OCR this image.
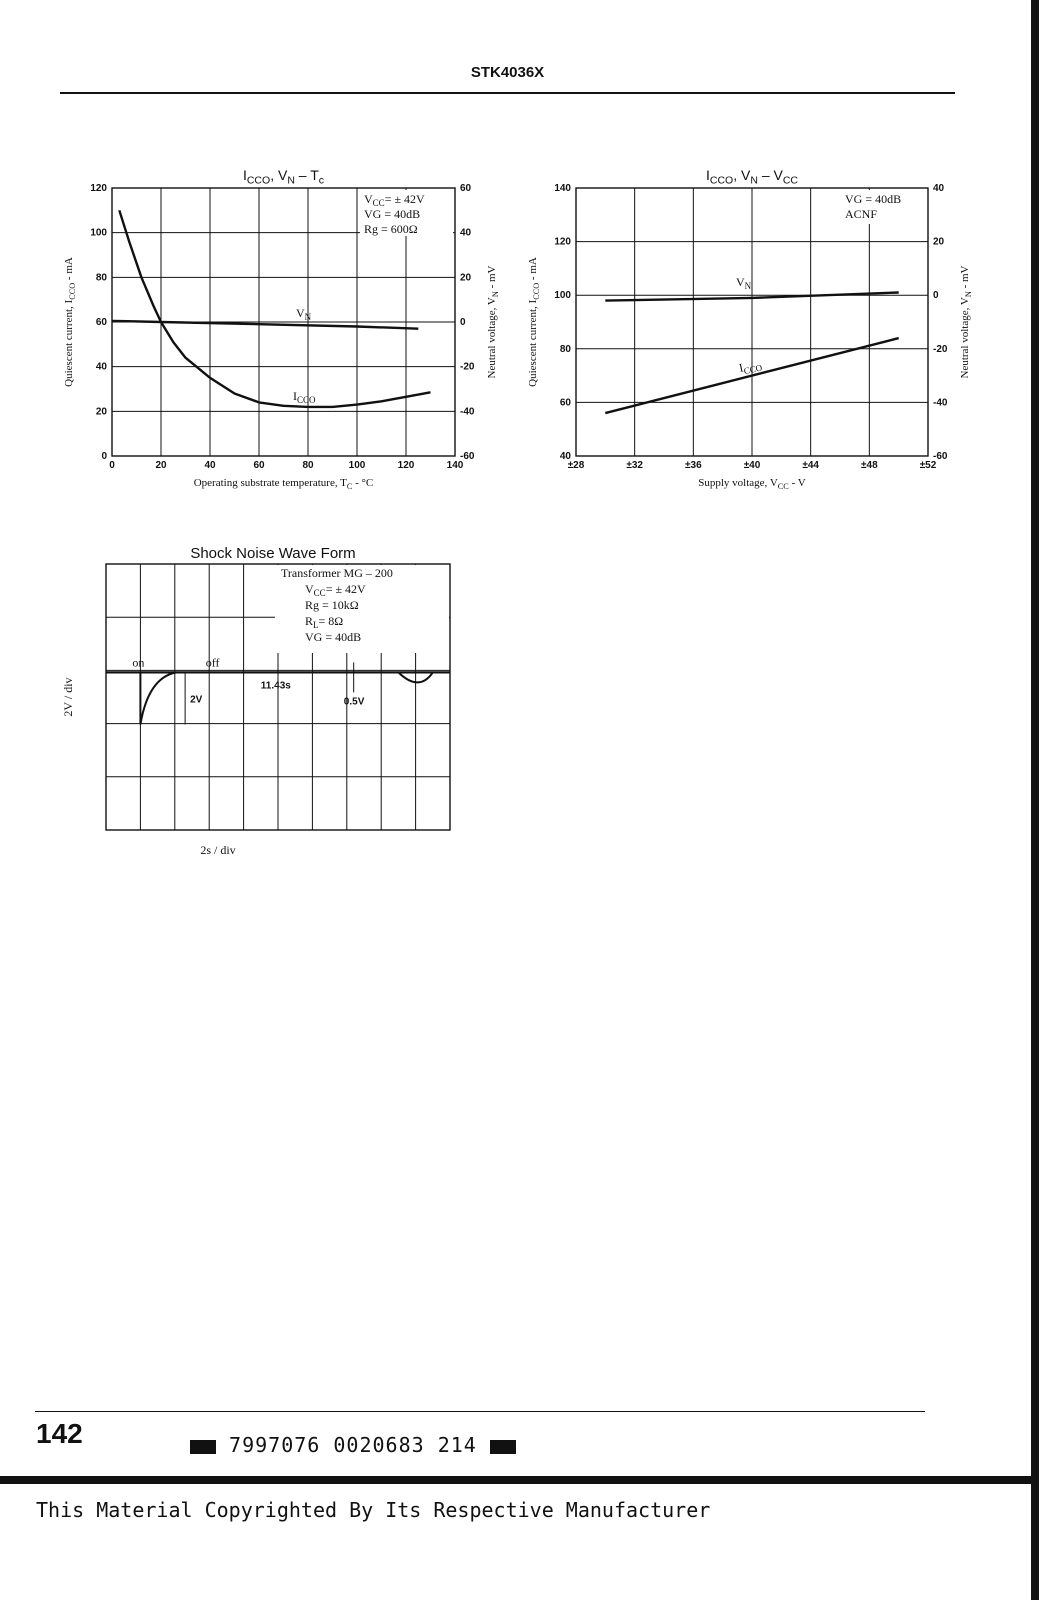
STK4036X
0	20	40	60	80	100	120	140
0
20
40
60
80
100
120
-60
-40
-20
0
20
40
60
$I_{CCO}$, $V_N - T_c$
Operating substrate temperature, $T_C - ^\circ C$
Quiescent current, $I_{CCO}$ - mA
Neutral voltage, $V_N$ - mV
$V_{CC}= \pm 42V$
VG = 40dB
Rg = 600Ω
$I_{CCO}$
$V_N$
±28	±32	±36	±40	±44	±48	±52
40
60
80
100
120
140
-60
-40
-20
0
20
40
$I_{CCO}$, $V_N - V_{CC}$
Supply voltage, $V_{CC}$ - V
Quiescent current, $I_{CCO}$ - mA
Neutral voltage, $V_N$ - mV
VG = 40dB
ACNF
$V_N$
$I_{CCO}$
Shock Noise Wave Form
2s / div
2V / div
Transformer MG – 200
$V_{CC}= \pm 42V$
Rg = 10kΩ
$R_L= 8\Omega$
VG = 40dB
on	off
11.43s
2V	0.5V
142	7997076 0020683 214
This Material Copyrighted By Its Respective Manufacturer
